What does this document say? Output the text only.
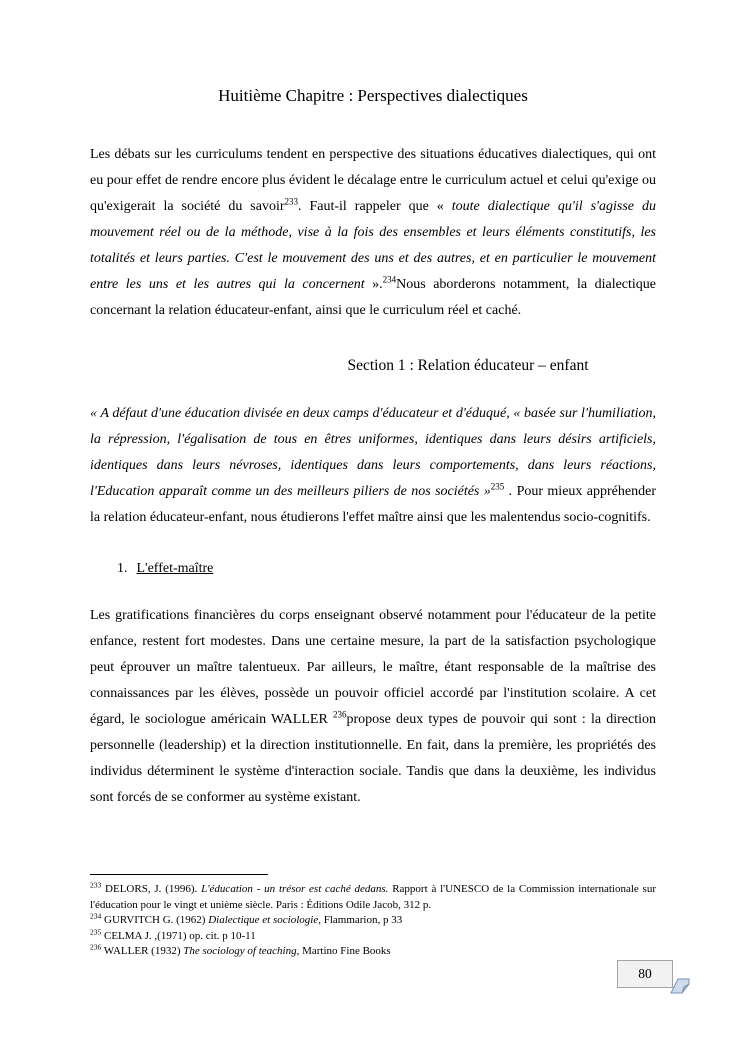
Huitième Chapitre : Perspectives dialectiques

Les débats sur les curriculums tendent en perspective des situations éducatives dialectiques, qui ont eu pour effet de rendre encore plus évident le décalage entre le curriculum actuel et celui qu'exige ou qu'exigerait la société du savoir$^{233}$. Faut-il rappeler que « toute dialectique qu'il s'agisse du mouvement réel ou de la méthode, vise à la fois des ensembles et leurs éléments constitutifs, les totalités et leurs parties. C'est le mouvement des uns et des autres, et en particulier le mouvement entre les uns et les autres qui la concernent ».$^{234}$Nous aborderons notamment, la dialectique concernant la relation éducateur-enfant, ainsi que le curriculum réel et caché.

Section 1 : Relation éducateur – enfant

« A défaut d'une éducation divisée en deux camps d'éducateur et d'éduqué, « basée sur l'humiliation, la répression, l'égalisation de tous en êtres uniformes, identiques dans leurs désirs artificiels, identiques dans leurs névroses, identiques dans leurs comportements, dans leurs réactions, l'Education apparaît comme un des meilleurs piliers de nos sociétés »$^{235}$ . Pour mieux appréhender la relation éducateur-enfant, nous étudierons l'effet maître ainsi que les malentendus socio-cognitifs.

1. L'effet-maître

Les gratifications financières du corps enseignant observé notamment pour l'éducateur de la petite enfance, restent fort modestes. Dans une certaine mesure, la part de la satisfaction psychologique peut éprouver un maître talentueux. Par ailleurs, le maître, étant responsable de la maîtrise des connaissances par les élèves, possède un pouvoir officiel accordé par l'institution scolaire. A cet égard, le sociologue américain WALLER $^{236}$propose deux types de pouvoir qui sont : la direction personnelle (leadership) et la direction institutionnelle. En fait, dans la première, les propriétés des individus déterminent le système d'interaction sociale. Tandis que dans la deuxième, les individus sont forcés de se conformer au système existant.

$^{233}$ DELORS, J. (1996). L'éducation - un trésor est caché dedans. Rapport à l'UNESCO de la Commission internationale sur l'éducation pour le vingt et unième siècle. Paris : Éditions Odile Jacob, 312 p.
$^{234}$ GURVITCH G. (1962) Dialectique et sociologie, Flammarion, p 33
$^{235}$ CELMA J. ,(1971) op. cit. p 10-11
$^{236}$ WALLER (1932) The sociology of teaching, Martino Fine Books
80
